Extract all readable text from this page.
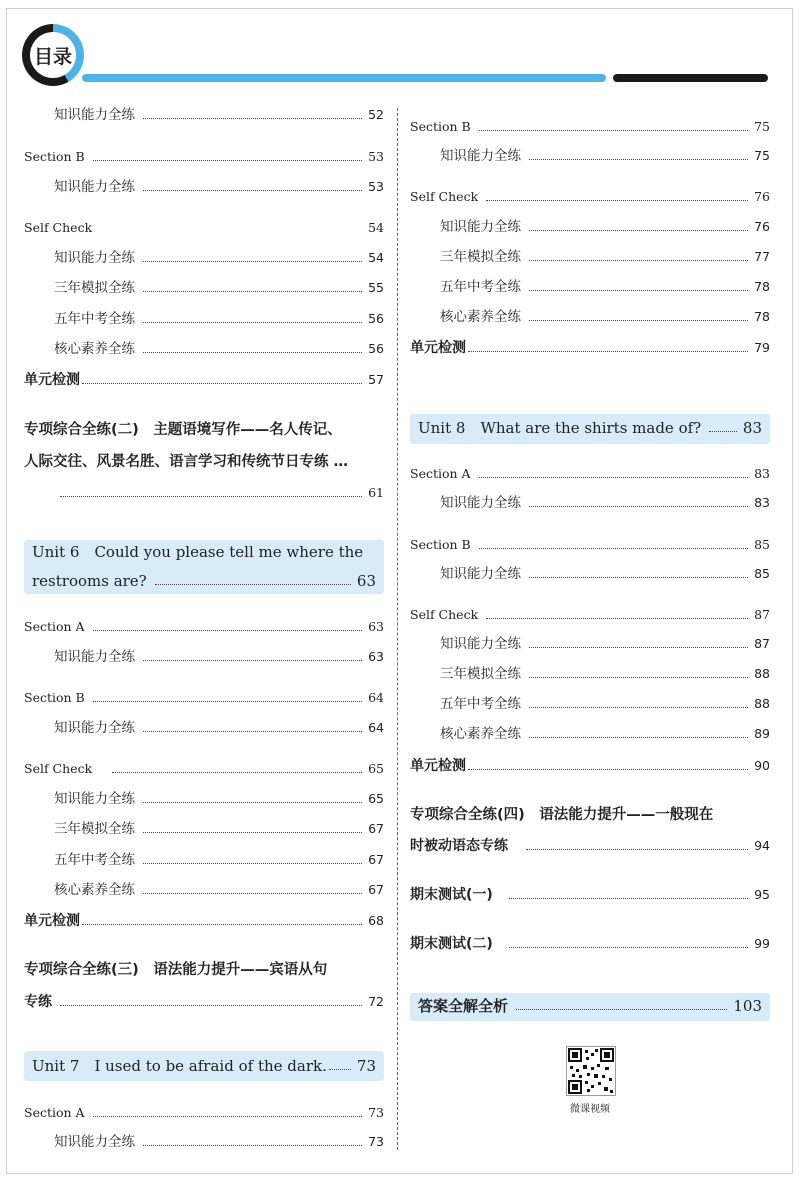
目录
知识能力全练	52
Section B	53
知识能力全练	53
Self Check	54
知识能力全练	54
三年模拟全练	55
五年中考全练	56
核心素养全练	56
单元检测	57
专项综合全练(二)　主题语境写作——名人传记、
人际交往、风景名胜、语言学习和传统节日专练 …
61
Unit 6　Could you please tell me where the
restrooms are?	63
Section A	63
知识能力全练	63
Section B	64
知识能力全练	64
Self Check	65
知识能力全练	65
三年模拟全练	67
五年中考全练	67
核心素养全练	67
单元检测	68
专项综合全练(三)　语法能力提升——宾语从句
专练	72
Unit 7　I used to be afraid of the dark. 73
Section A	73
知识能力全练	73
Section B	75
知识能力全练	75
Self Check	76
知识能力全练	76
三年模拟全练	77
五年中考全练	78
核心素养全练	78
单元检测	79
Unit 8　What are the shirts made of?	83
Section A	83
知识能力全练	83
Section B	85
知识能力全练	85
Self Check	87
知识能力全练	87
三年模拟全练	88
五年中考全练	88
核心素养全练	89
单元检测	90
专项综合全练(四)　语法能力提升——一般现在
时被动语态专练	94
期末测试(一)	95
期末测试(二)	99
答案全解全析	103
微课视频
